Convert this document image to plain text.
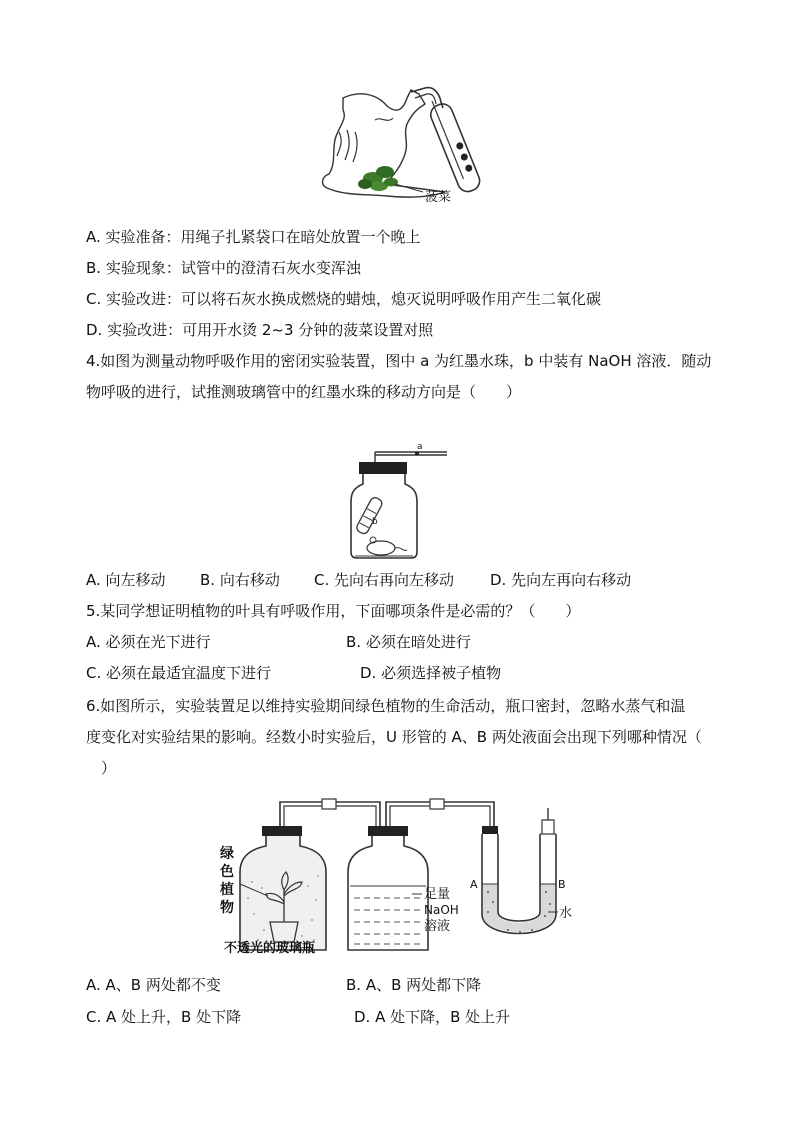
菠菜
A. 实验准备：用绳子扎紧袋口在暗处放置一个晚上
B. 实验现象：试管中的澄清石灰水变浑浊
C. 实验改进：可以将石灰水换成燃烧的蜡烛，熄灭说明呼吸作用产生二氧化碳
D. 实验改进：可用开水烫 2~3 分钟的菠菜设置对照
4.如图为测量动物呼吸作用的密闭实验装置，图中 a 为红墨水珠，b 中装有 NaOH 溶液．随动
物呼吸的进行，试推测玻璃管中的红墨水珠的移动方向是（　　）
a
b
A. 向左移动 B. 向右移动 C. 先向右再向左移动 D. 先向左再向右移动
5.某同学想证明植物的叶具有呼吸作用，下面哪项条件是必需的？（　　）
A. 必须在光下进行	B. 必须在暗处进行
C. 必须在最适宜温度下进行	D. 必须选择被子植物
6.如图所示，实验装置足以维持实验期间绿色植物的生命活动，瓶口密封，忽略水蒸气和温
度变化对实验结果的影响。经数小时实验后，U 形管的 A、B 两处液面会出现下列哪种情况（
　）
绿
色
植
物
不透光的玻璃瓶
足量
NaOH
溶液
A	B
水
A. A、B 两处都不变	B. A、B 两处都下降
C. A 处上升，B 处下降	D. A 处下降，B 处上升
